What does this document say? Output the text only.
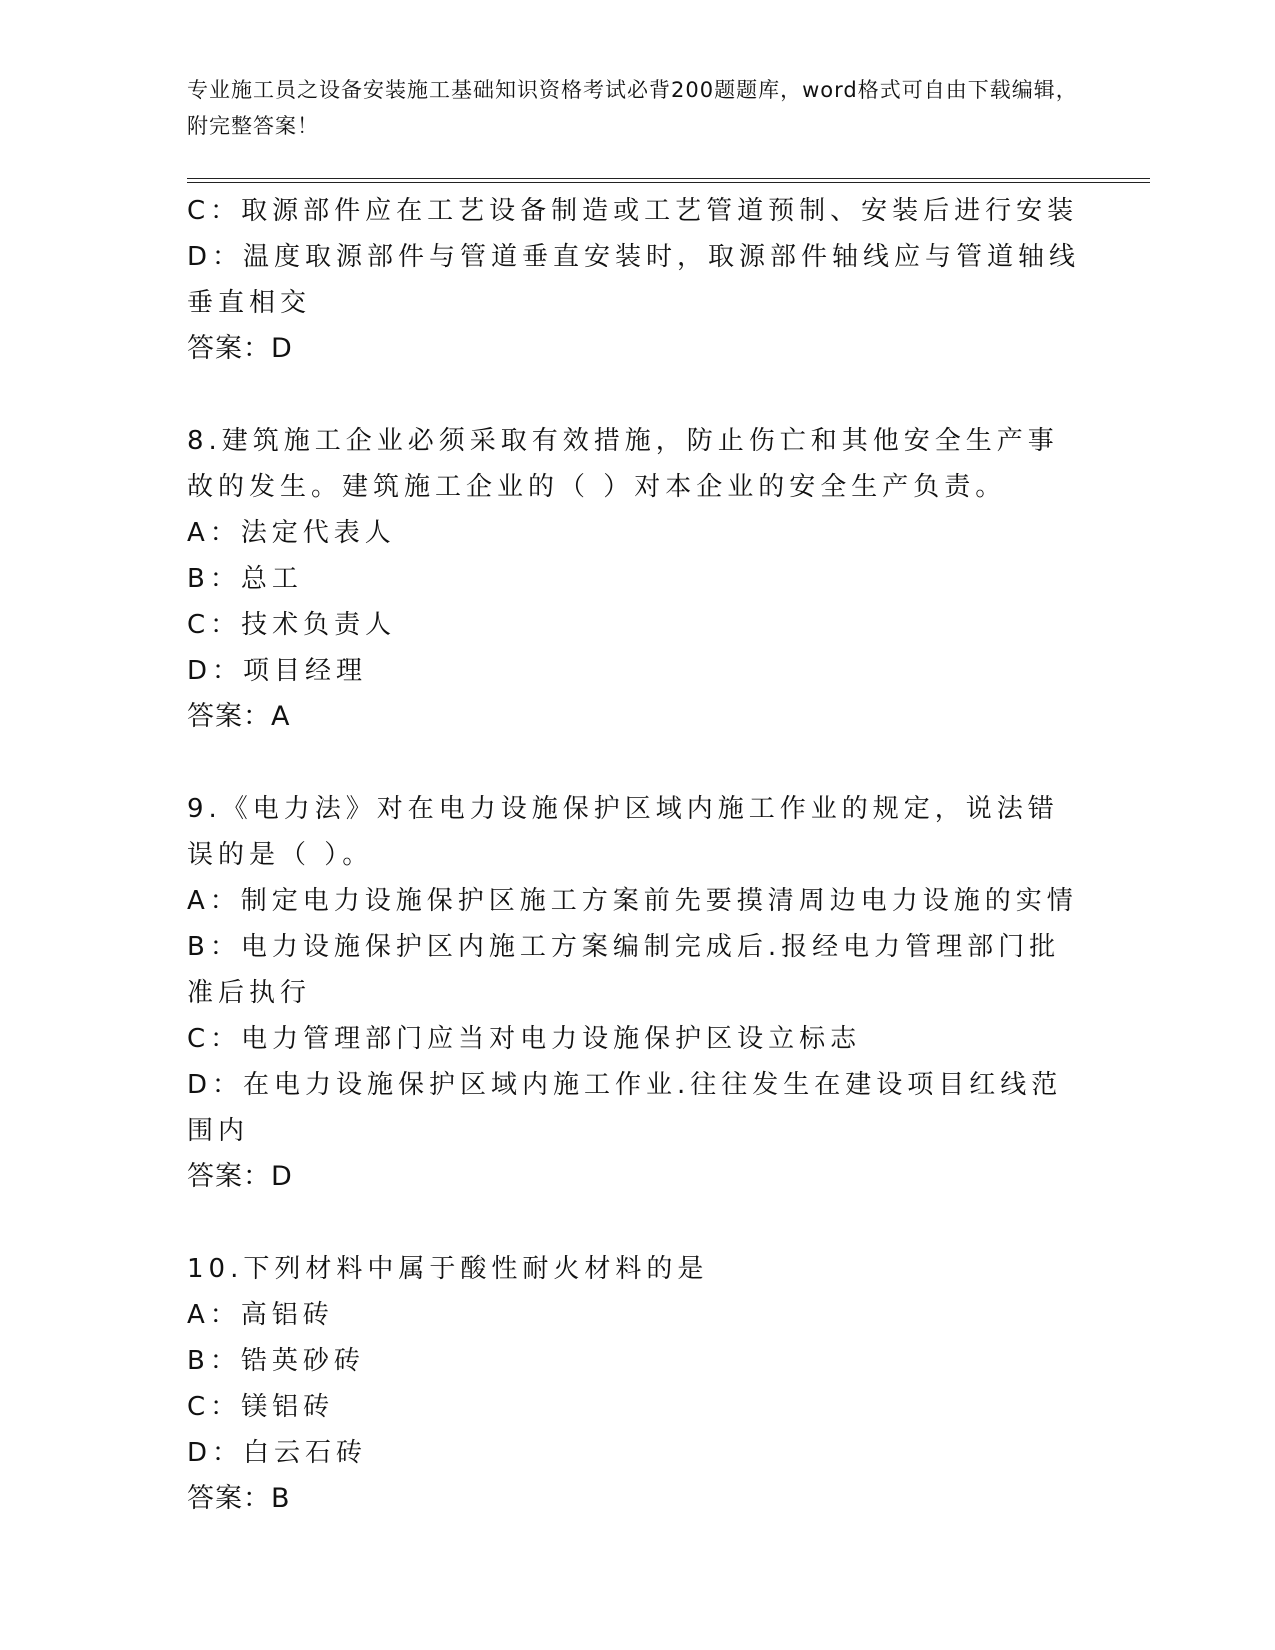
专业施工员之设备安装施工基础知识资格考试必背200题题库，word格式可自由下载编辑，附完整答案！
C：取源部件应在工艺设备制造或工艺管道预制、安装后进行安装
D：温度取源部件与管道垂直安装时，取源部件轴线应与管道轴线垂直相交
答案：D
8.建筑施工企业必须采取有效措施，防止伤亡和其他安全生产事故的发生。建筑施工企业的（ ）对本企业的安全生产负责。
A：法定代表人
B：总工
C：技术负责人
D：项目经理
答案：A
9.《电力法》对在电力设施保护区域内施工作业的规定，说法错误的是（ ）。
A：制定电力设施保护区施工方案前先要摸清周边电力设施的实情
B：电力设施保护区内施工方案编制完成后.报经电力管理部门批准后执行
C：电力管理部门应当对电力设施保护区设立标志
D：在电力设施保护区域内施工作业.往往发生在建设项目红线范围内
答案：D
10.下列材料中属于酸性耐火材料的是
A：高铝砖
B：锆英砂砖
C：镁铝砖
D：白云石砖
答案：B
